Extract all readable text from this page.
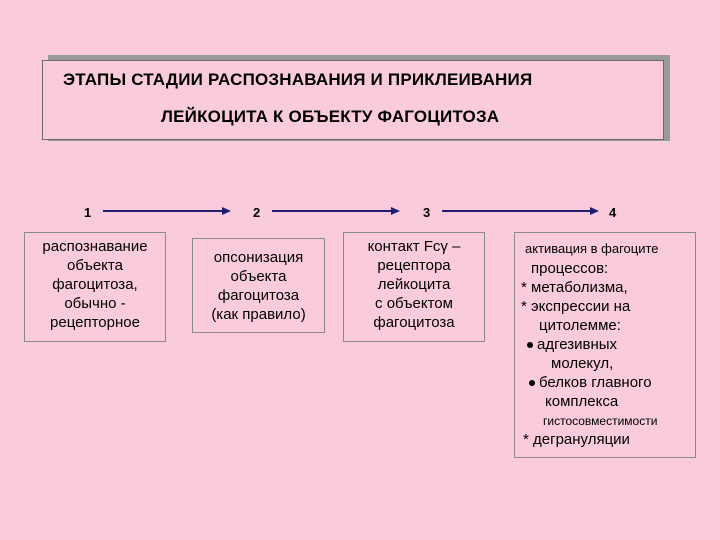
ЭТАПЫ СТАДИИ РАСПОЗНАВАНИЯ И ПРИКЛЕИВАНИЯ
ЛЕЙКОЦИТА К ОБЪЕКТУ ФАГОЦИТОЗА
1	2	3	4
распознавание
объекта
фагоцитоза,
обычно -
рецепторное
опсонизация
объекта
фагоцитоза
(как правило)
контакт Fcγ –
рецептора
лейкоцита
с объектом
фагоцитоза
активация в фагоците
процессов:
* метаболизма,
* экспрессии на
цитолемме:
адгезивных
молекул,
белков главного
комплекса
гистосовместимости
* дегрануляции
